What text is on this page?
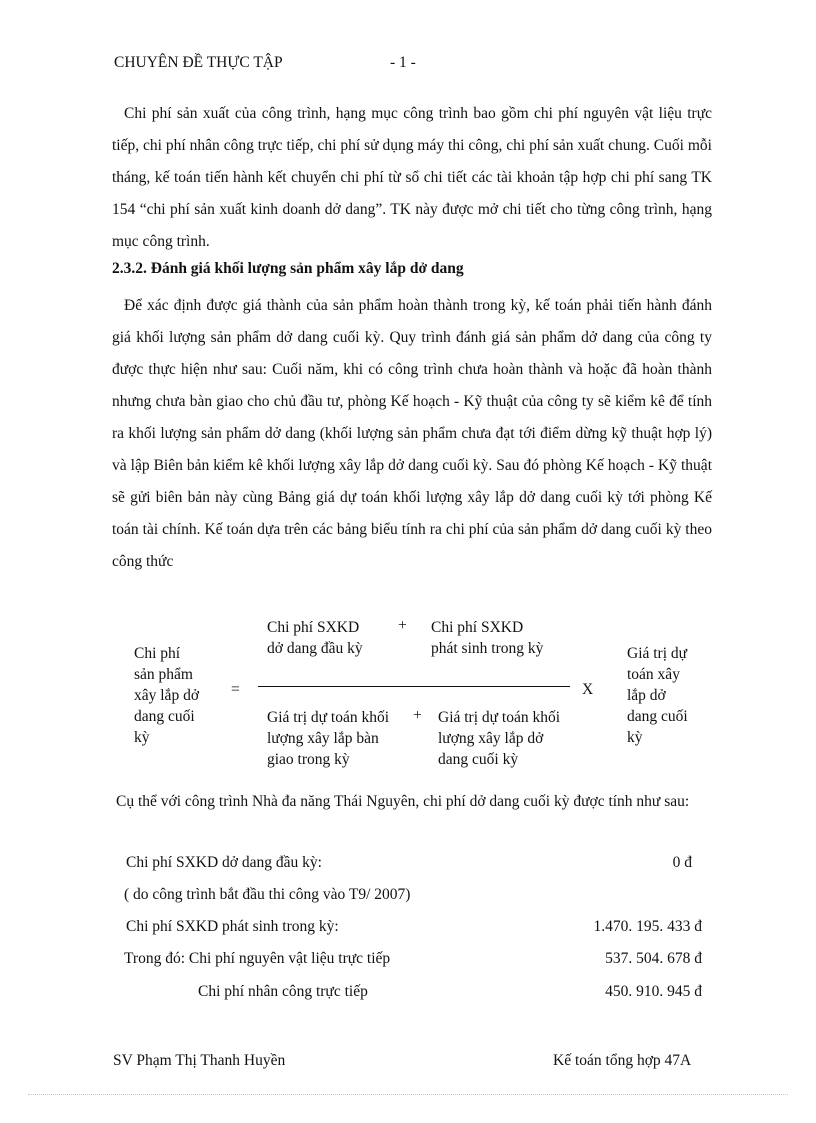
CHUYÊN ĐỀ THỰC TẬP	- 1 -

Chi phí sản xuất của công trình, hạng mục công trình bao gồm chi phí nguyên vật liệu trực tiếp, chi phí nhân công trực tiếp, chi phí sử dụng máy thi công, chi phí sản xuất chung. Cuối mỗi tháng, kế toán tiến hành kết chuyển chi phí từ sổ chi tiết các tài khoản tập hợp chi phí sang TK 154 “chi phí sản xuất kinh doanh dở dang”. TK này được mở chi tiết cho từng công trình, hạng mục công trình.

2.3.2. Đánh giá khối lượng sản phẩm xây lắp dở dang

Để xác định được giá thành của sản phẩm hoàn thành trong kỳ, kế toán phải tiến hành đánh giá khối lượng sản phẩm dở dang cuối kỳ. Quy trình đánh giá sản phẩm dở dang của công ty được thực hiện như sau: Cuối năm, khi có công trình chưa hoàn thành và hoặc đã hoàn thành nhưng chưa bàn giao cho chủ đầu tư, phòng Kế hoạch - Kỹ thuật của công ty sẽ kiểm kê để tính ra khối lượng sản phẩm dở dang (khối lượng sản phẩm chưa đạt tới điểm dừng kỹ thuật hợp lý) và lập Biên bản kiểm kê khối lượng xây lắp dở dang cuối kỳ. Sau đó phòng Kế hoạch - Kỹ thuật sẽ gửi biên bản này cùng Bảng giá dự toán khối lượng xây lắp dở dang cuối kỳ tới phòng Kế toán tài chính. Kế toán dựa trên các bảng biểu tính ra chi phí của sản phẩm dở dang cuối kỳ theo công thức

Chi phí
sản phẩm
xây lắp dở
dang cuối
kỳ
=
Chi phí SXKD
dở dang đầu kỳ
+ Chi phí SXKD
phát sinh trong kỳ
Giá trị dự toán khối
lượng xây lắp bàn
giao trong kỳ
+ Giá trị dự toán khối
lượng xây lắp dở
dang cuối kỳ
X
Giá trị dự
toán xây
lắp dở
dang cuối
kỳ

Cụ thể với công trình Nhà đa năng Thái Nguyên, chi phí dở dang cuối kỳ được tính như sau:

Chi phí SXKD dở dang đầu kỳ:	0 đ
( do công trình bắt đầu thi công vào T9/ 2007)
Chi phí SXKD phát sinh trong kỳ:	1.470. 195. 433 đ
Trong đó: Chi phí nguyên vật liệu trực tiếp	537. 504. 678 đ
Chi phí nhân công trực tiếp	450. 910. 945 đ
SV Phạm Thị Thanh Huyền	Kế toán tổng hợp 47A
